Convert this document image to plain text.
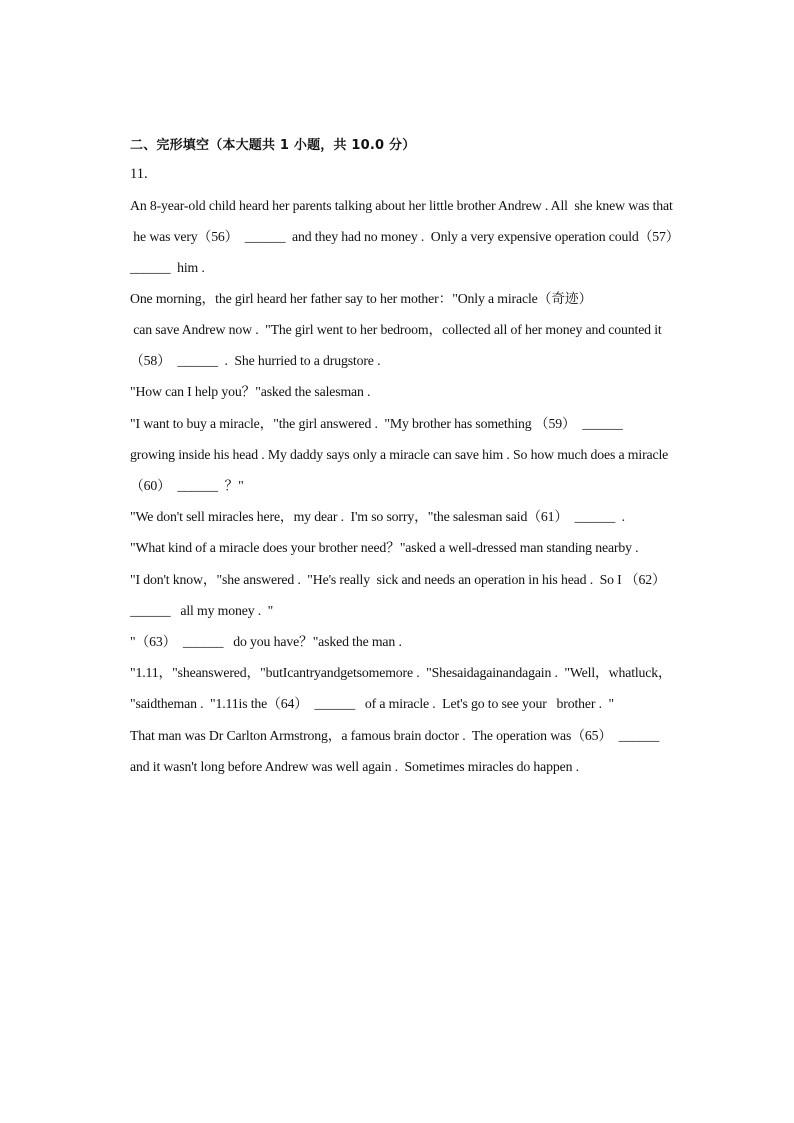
二、完形填空（本大题共 1 小题，共 10.0 分）
11.
An 8-year-old child heard her parents talking about her little brother Andrew . All  she knew was that
he was very（56）  ______  and they had no money .  Only a very expensive operation could（57）
______  him .
One morning，the girl heard her father say to her mother："Only a miracle（奇迹）
can save Andrew now .  "The girl went to her bedroom，collected all of her money and counted it
（58）  ______  .  She hurried to a drugstore .
"How can I help you？"asked the salesman .
"I want to buy a miracle，"the girl answered .  "My brother has something （59）  ______
growing inside his head . My daddy says only a miracle can save him . So how much does a miracle
（60）  ______  ？"
"We don't sell miracles here，my dear .  I'm so sorry，"the salesman said（61）  ______  .
"What kind of a miracle does your brother need？"asked a well-dressed man standing nearby .
"I don't know，"she answered .  "He's really  sick and needs an operation in his head .  So I （62）
______   all my money .  "
"（63）  ______   do you have？"asked the man .
"1.11，"sheanswered，"butIcantryandgetsomemore .  "Shesaidagainandagain .  "Well，whatluck，
"saidtheman .  "1.11is the（64）  ______   of a miracle .  Let's go to see your   brother .  "
That man was Dr Carlton Armstrong，a famous brain doctor .  The operation was（65）  ______
and it wasn't long before Andrew was well again .  Sometimes miracles do happen .
